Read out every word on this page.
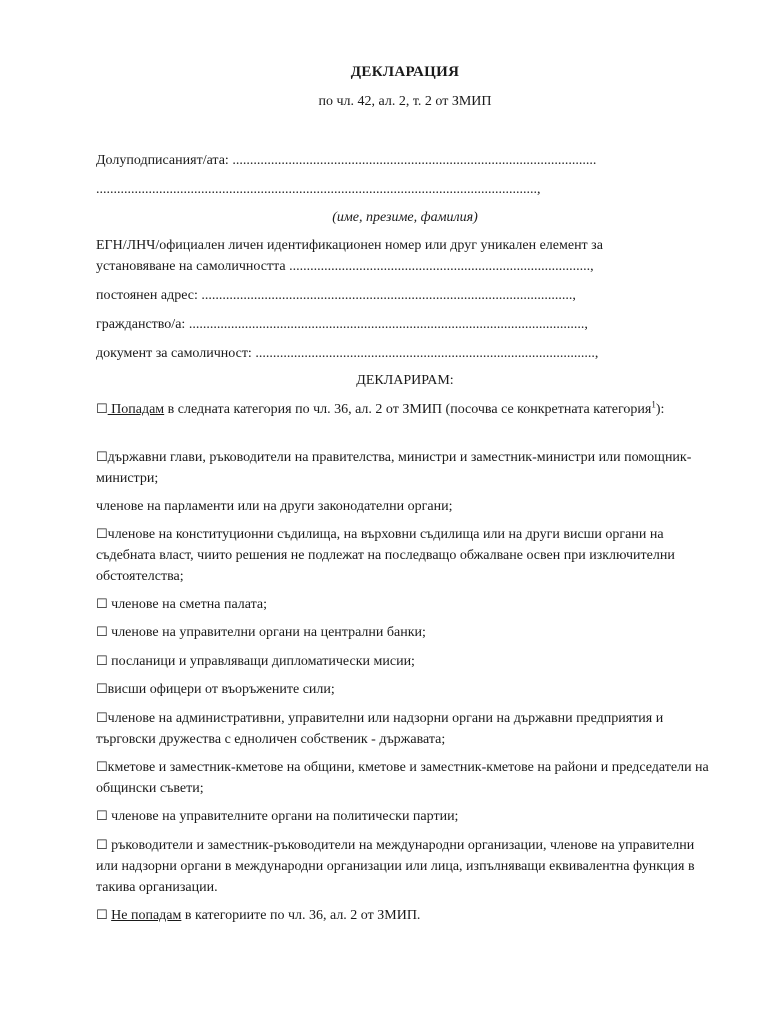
ДЕКЛАРАЦИЯ
по чл. 42, ал. 2, т. 2 от ЗМИП
Долуподписаният/ата: ........................................................................................................
..............................................................................................................................,
(име, презиме, фамилия)
ЕГН/ЛНЧ/официален личен идентификационен номер или друг уникален елемент за
установяване на самоличността ......................................................................................,
постоянен адрес: ..........................................................................................................,
гражданство/а: .................................................................................................................,
документ за самоличност: .................................................................................................,
ДЕКЛАРИРАМ:
☐ Попадам в следната категория по чл. 36, ал. 2 от ЗМИП (посочва се конкретната категория$^1$):
☐държавни глави, ръководители на правителства, министри и заместник-министри или помощник-министри;
членове на парламенти или на други законодателни органи;
☐членове на конституционни съдилища, на върховни съдилища или на други висши органи на съдебната власт, чиито решения не подлежат на последващо обжалване освен при изключителни обстоятелства;
☐ членове на сметна палата;
☐ членове на управителни органи на централни банки;
☐ посланици и управляващи дипломатически мисии;
☐висши офицери от въоръжените сили;
☐членове на административни, управителни или надзорни органи на държавни предприятия и търговски дружества с едноличен собственик - държавата;
☐кметове и заместник-кметове на общини, кметове и заместник-кметове на райони и председатели на общински съвети;
☐ членове на управителните органи на политически партии;
☐ ръководители и заместник-ръководители на международни организации, членове на управителни или надзорни органи в международни организации или лица, изпълняващи еквивалентна функция в такива организации.
☐ Не попадам в категориите по чл. 36, ал. 2 от ЗМИП.
